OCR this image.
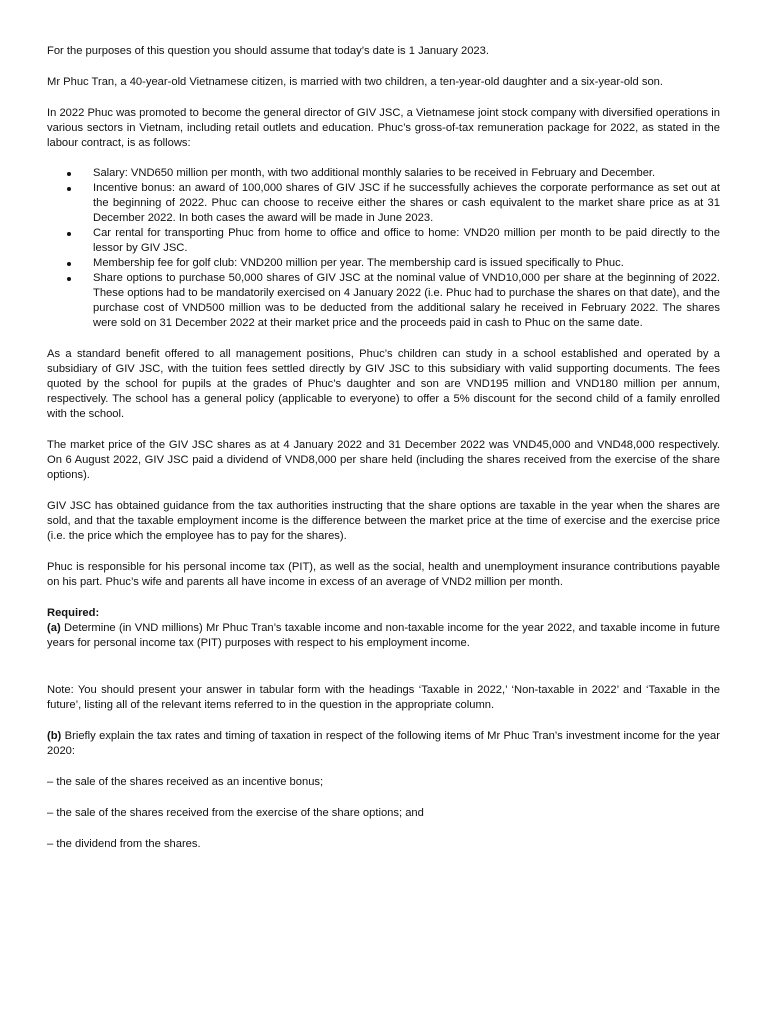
For the purposes of this question you should assume that today’s date is 1 January 2023.

Mr Phuc Tran, a 40-year-old Vietnamese citizen, is married with two children, a ten-year-old daughter and a six-year-old son.

In 2022 Phuc was promoted to become the general director of GIV JSC, a Vietnamese joint stock company with diversified operations in various sectors in Vietnam, including retail outlets and education. Phuc’s gross-of-tax remuneration package for 2022, as stated in the labour contract, is as follows:

Salary: VND650 million per month, with two additional monthly salaries to be received in February and December.
Incentive bonus: an award of 100,000 shares of GIV JSC if he successfully achieves the corporate performance as set out at the beginning of 2022. Phuc can choose to receive either the shares or cash equivalent to the market share price as at 31 December 2022. In both cases the award will be made in June 2023.
Car rental for transporting Phuc from home to office and office to home: VND20 million per month to be paid directly to the lessor by GIV JSC.
Membership fee for golf club: VND200 million per year. The membership card is issued specifically to Phuc.
Share options to purchase 50,000 shares of GIV JSC at the nominal value of VND10,000 per share at the beginning of 2022. These options had to be mandatorily exercised on 4 January 2022 (i.e. Phuc had to purchase the shares on that date), and the purchase cost of VND500 million was to be deducted from the additional salary he received in February 2022. The shares were sold on 31 December 2022 at their market price and the proceeds paid in cash to Phuc on the same date.

As a standard benefit offered to all management positions, Phuc’s children can study in a school established and operated by a subsidiary of GIV JSC, with the tuition fees settled directly by GIV JSC to this subsidiary with valid supporting documents. The fees quoted by the school for pupils at the grades of Phuc’s daughter and son are VND195 million and VND180 million per annum, respectively. The school has a general policy (applicable to everyone) to offer a 5% discount for the second child of a family enrolled with the school.

The market price of the GIV JSC shares as at 4 January 2022 and 31 December 2022 was VND45,000 and VND48,000 respectively. On 6 August 2022, GIV JSC paid a dividend of VND8,000 per share held (including the shares received from the exercise of the share options).

GIV JSC has obtained guidance from the tax authorities instructing that the share options are taxable in the year when the shares are sold, and that the taxable employment income is the difference between the market price at the time of exercise and the exercise price (i.e. the price which the employee has to pay for the shares).

Phuc is responsible for his personal income tax (PIT), as well as the social, health and unemployment insurance contributions payable on his part. Phuc’s wife and parents all have income in excess of an average of VND2 million per month.

Required:
(a) Determine (in VND millions) Mr Phuc Tran’s taxable income and non-taxable income for the year 2022, and taxable income in future years for personal income tax (PIT) purposes with respect to his employment income.

Note: You should present your answer in tabular form with the headings ‘Taxable in 2022,’ ‘Non-taxable in 2022’ and ‘Taxable in the future’, listing all of the relevant items referred to in the question in the appropriate column.

(b) Briefly explain the tax rates and timing of taxation in respect of the following items of Mr Phuc Tran’s investment income for the year 2020:

– the sale of the shares received as an incentive bonus;

– the sale of the shares received from the exercise of the share options; and

– the dividend from the shares.
